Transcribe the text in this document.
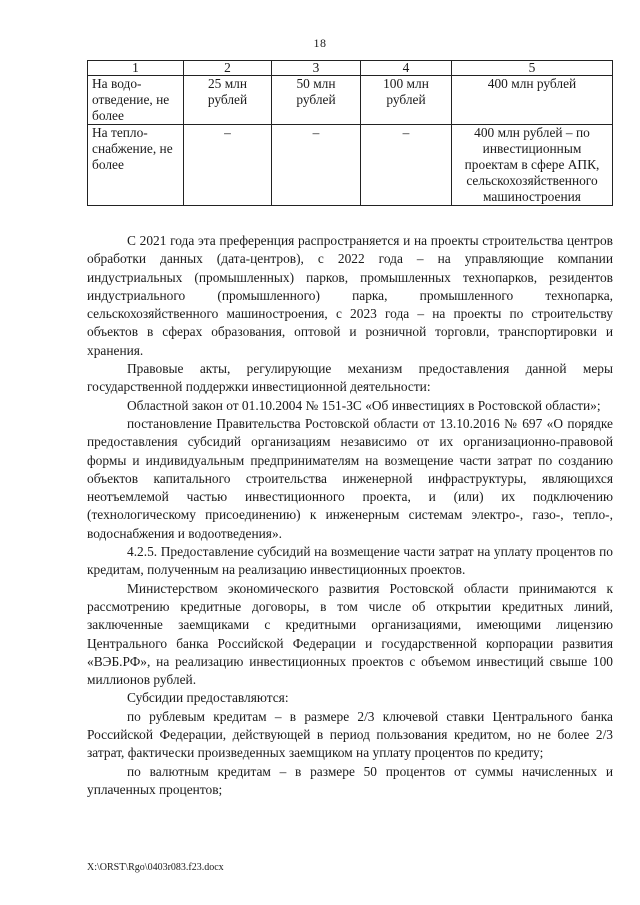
18
1	2	3	4	5
На водо-отведение, не более	25 млн рублей	50 млн рублей	100 млн рублей	400 млн рублей
На тепло-снабжение, не более	–	–	–	400 млн рублей – по инвестиционным проектам в сфере АПК, сельскохозяйственного машиностроения

С 2021 года эта преференция распространяется и на проекты строительства центров обработки данных (дата-центров), с 2022 года – на управляющие компании индустриальных (промышленных) парков, промышленных технопарков, резидентов индустриального (промышленного) парка, промышленного технопарка, сельскохозяйственного машиностроения, с 2023 года – на проекты по строительству объектов в сферах образования, оптовой и розничной торговли, транспортировки и хранения.

Правовые акты, регулирующие механизм предоставления данной меры государственной поддержки инвестиционной деятельности:

Областной закон от 01.10.2004 № 151-ЗС «Об инвестициях в Ростовской области»;

постановление Правительства Ростовской области от 13.10.2016 № 697 «О порядке предоставления субсидий организациям независимо от их организационно-правовой формы и индивидуальным предпринимателям на возмещение части затрат по созданию объектов капитального строительства инженерной инфраструктуры, являющихся неотъемлемой частью инвестиционного проекта, и (или) их подключению (технологическому присоединению) к инженерным системам электро-, газо-, тепло-, водоснабжения и водоотведения».

4.2.5. Предоставление субсидий на возмещение части затрат на уплату процентов по кредитам, полученным на реализацию инвестиционных проектов.

Министерством экономического развития Ростовской области принимаются к рассмотрению кредитные договоры, в том числе об открытии кредитных линий, заключенные заемщиками с кредитными организациями, имеющими лицензию Центрального банка Российской Федерации и государственной корпорации развития «ВЭБ.РФ», на реализацию инвестиционных проектов с объемом инвестиций свыше 100 миллионов рублей.

Субсидии предоставляются:

по рублевым кредитам – в размере 2/3 ключевой ставки Центрального банка Российской Федерации, действующей в период пользования кредитом, но не более 2/3 затрат, фактически произведенных заемщиком на уплату процентов по кредиту;

по валютным кредитам – в размере 50 процентов от суммы начисленных и уплаченных процентов;

X:\ORST\Rgo\0403r083.f23.docx
